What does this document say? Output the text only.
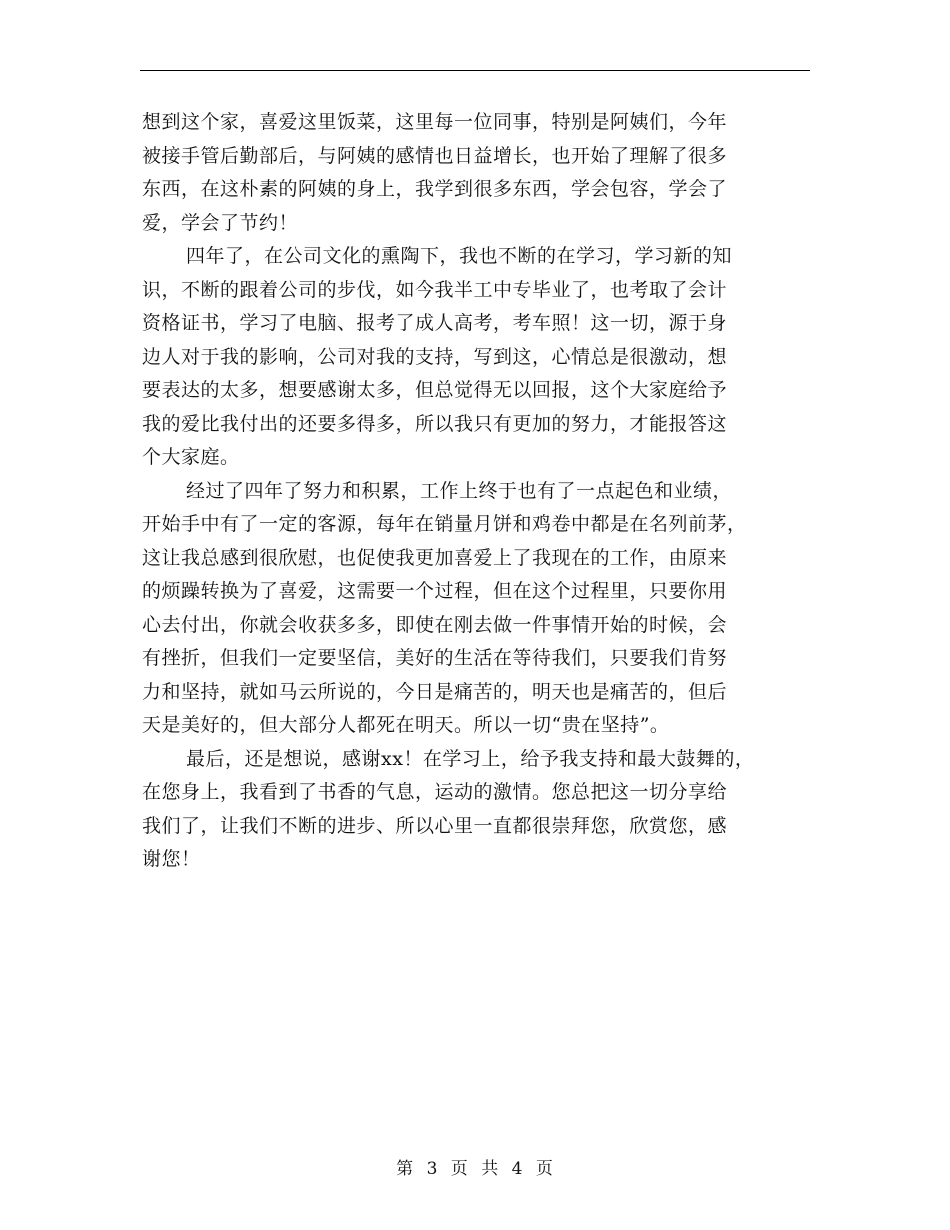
想到这个家，喜爱这里饭菜，这里每一位同事，特别是阿姨们，今年
被接手管后勤部后，与阿姨的感情也日益增长，也开始了理解了很多
东西，在这朴素的阿姨的身上，我学到很多东西，学会包容，学会了
爱，学会了节约！

四年了，在公司文化的熏陶下，我也不断的在学习，学习新的知
识，不断的跟着公司的步伐，如今我半工中专毕业了，也考取了会计
资格证书，学习了电脑、报考了成人高考，考车照！这一切，源于身
边人对于我的影响，公司对我的支持，写到这，心情总是很激动，想
要表达的太多，想要感谢太多，但总觉得无以回报，这个大家庭给予
我的爱比我付出的还要多得多，所以我只有更加的努力，才能报答这
个大家庭。

经过了四年了努力和积累，工作上终于也有了一点起色和业绩，
开始手中有了一定的客源，每年在销量月饼和鸡卷中都是在名列前茅，
这让我总感到很欣慰，也促使我更加喜爱上了我现在的工作，由原来
的烦躁转换为了喜爱，这需要一个过程，但在这个过程里，只要你用
心去付出，你就会收获多多，即使在刚去做一件事情开始的时候，会
有挫折，但我们一定要坚信，美好的生活在等待我们，只要我们肯努
力和坚持，就如马云所说的，今日是痛苦的，明天也是痛苦的，但后
天是美好的，但大部分人都死在明天。所以一切“贵在坚持”。

最后，还是想说，感谢xx！在学习上，给予我支持和最大鼓舞的，
在您身上，我看到了书香的气息，运动的激情。您总把这一切分享给
我们了，让我们不断的进步、所以心里一直都很崇拜您，欣赏您，感
谢您！

第 3 页 共 4 页
